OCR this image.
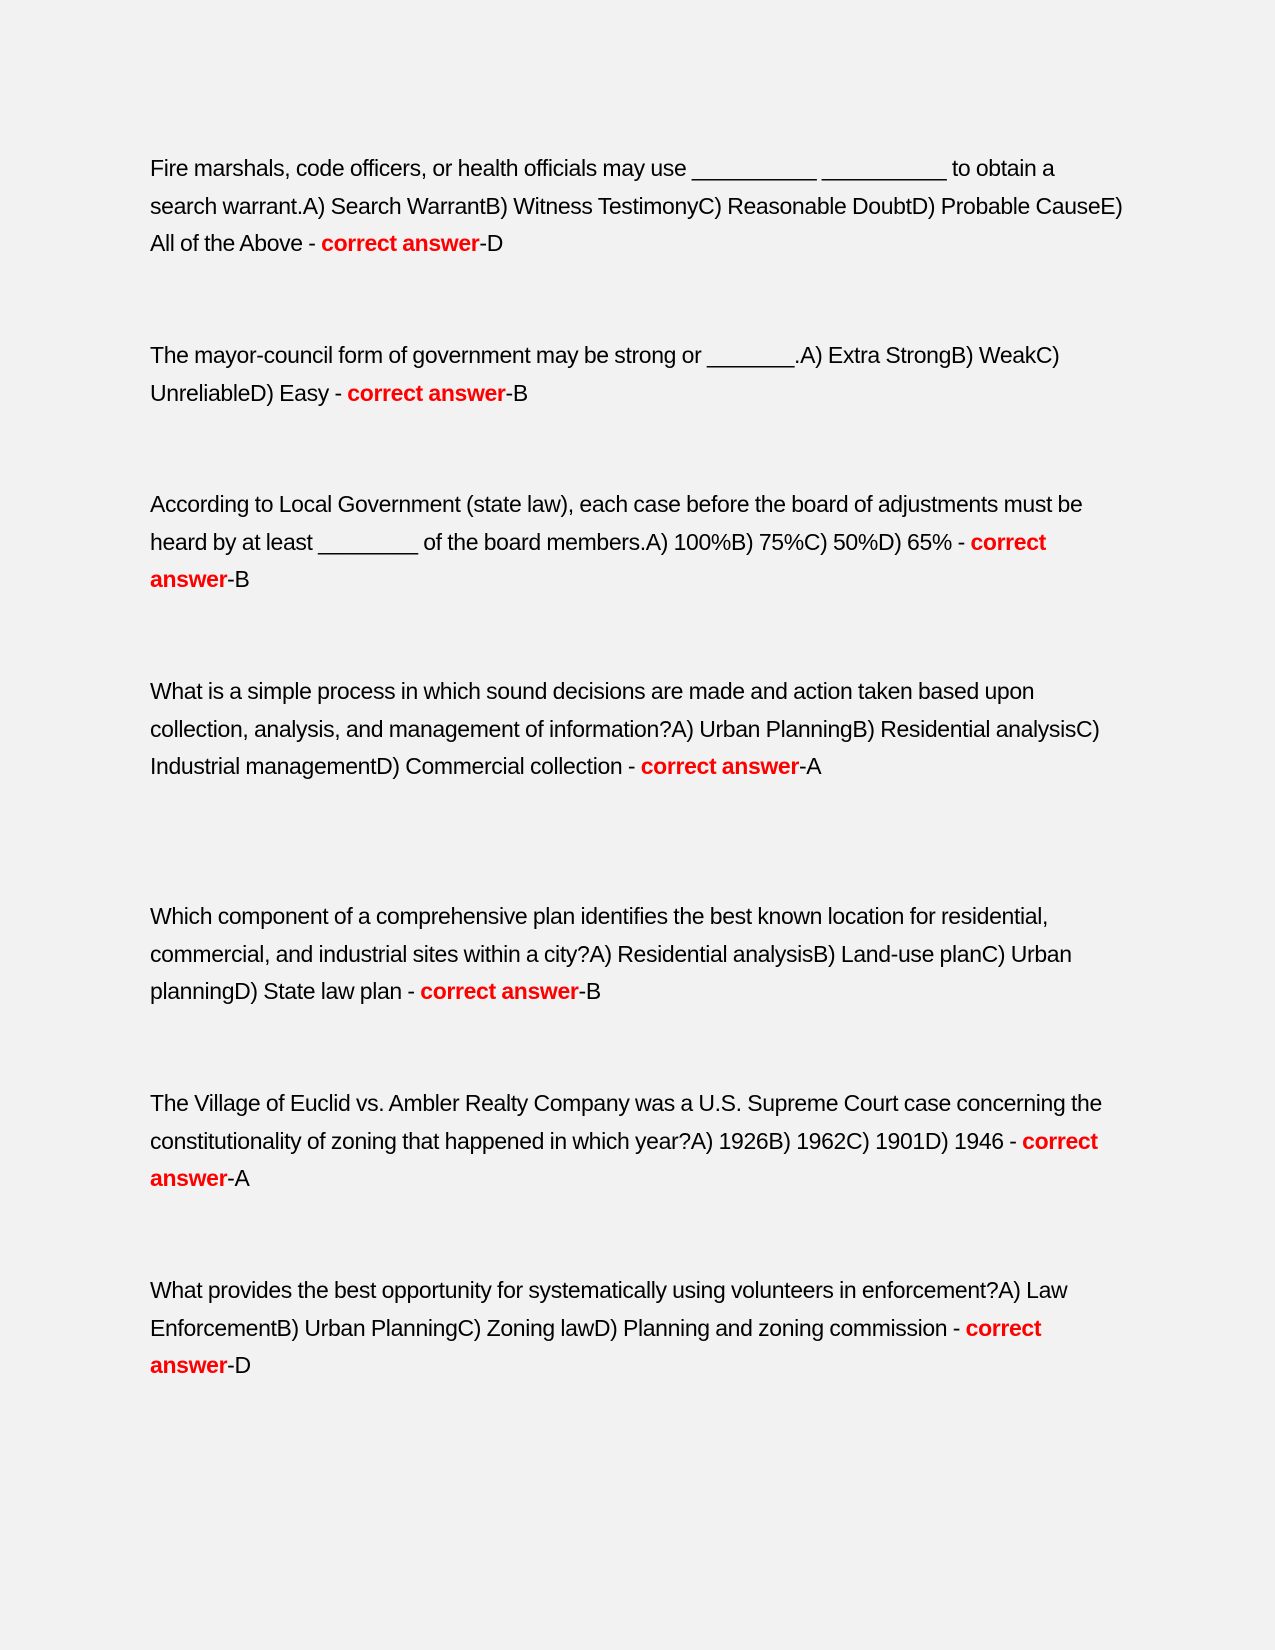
Fire marshals, code officers, or health officials may use __________ __________ to obtain a search warrant.A) Search WarrantB) Witness TestimonyC) Reasonable DoubtD) Probable CauseE) All of the Above - correct answer-D

The mayor-council form of government may be strong or _______.A) Extra StrongB) WeakC) UnreliableD) Easy - correct answer-B

According to Local Government (state law), each case before the board of adjustments must be heard by at least ________ of the board members.A) 100%B) 75%C) 50%D) 65% - correct answer-B

What is a simple process in which sound decisions are made and action taken based upon collection, analysis, and management of information?A) Urban PlanningB) Residential analysisC) Industrial managementD) Commercial collection - correct answer-A

Which component of a comprehensive plan identifies the best known location for residential, commercial, and industrial sites within a city?A) Residential analysisB) Land-use planC) Urban planningD) State law plan - correct answer-B

The Village of Euclid vs. Ambler Realty Company was a U.S. Supreme Court case concerning the constitutionality of zoning that happened in which year?A) 1926B) 1962C) 1901D) 1946 - correct answer-A

What provides the best opportunity for systematically using volunteers in enforcement?A) Law EnforcementB) Urban PlanningC) Zoning lawD) Planning and zoning commission - correct answer-D
